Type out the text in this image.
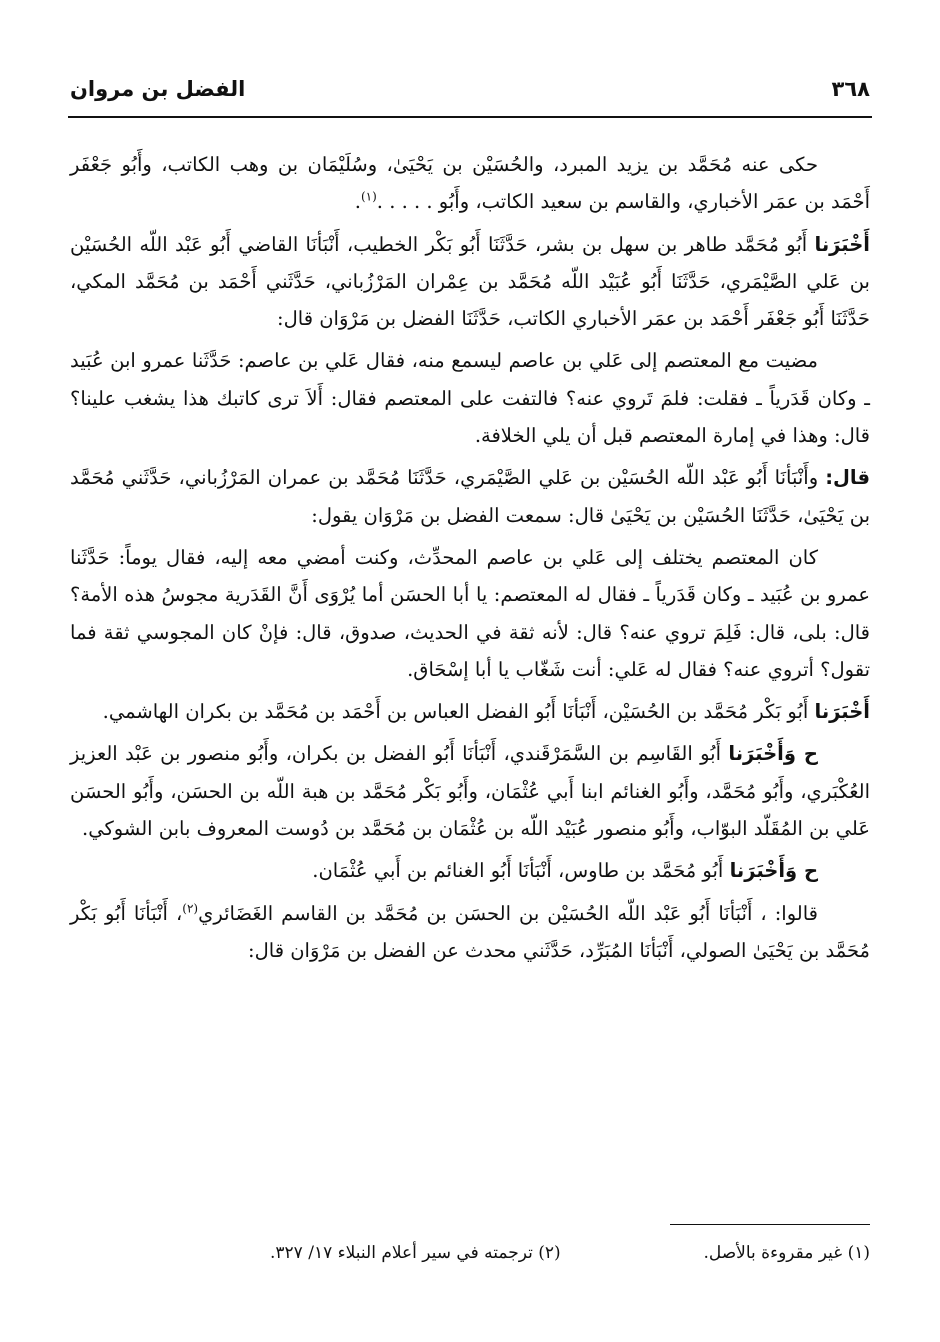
٣٦٨
الفضل بن مروان

حكى عنه مُحَمَّد بن يزيد المبرد، والحُسَيْن بن يَحْيَىٰ، وسُلَيْمَان بن وهب الكاتب، وأَبُو جَعْفَر أَحْمَد بن عمَر الأخباري، والقاسم بن سعيد الكاتب، وأَبُو . . . . .$^{(١)}$.

أَخْبَرَنا أَبُو مُحَمَّد طاهر بن سهل بن بشر، حَدَّثَنَا أَبُو بَكْر الخطيب، أَنْبَأنَا القاضي أَبُو عَبْد اللّه الحُسَيْن بن عَلي الصَّيْمَري، حَدَّثَنَا أَبُو عُبَيْد اللّه مُحَمَّد بن عِمْران المَرْزُباني، حَدَّثَني أَحْمَد بن مُحَمَّد المكي، حَدَّثَنَا أَبُو جَعْفَر أَحْمَد بن عمَر الأخباري الكاتب، حَدَّثَنَا الفضل بن مَرْوَان قال:

مضيت مع المعتصم إلى عَلي بن عاصم ليسمع منه، فقال عَلي بن عاصم: حَدَّثَنا عمرو ابن عُبَيد ـ وكان قَدَرياً ـ فقلت: فلمَ تَروي عنه؟ فالتفت على المعتصم فقال: أَلاَ ترى كاتبك هذا يشغب علينا؟ قال: وهذا في إمارة المعتصم قبل أن يلي الخلافة.

قال: وأَنْبَأنَا أَبُو عَبْد اللّه الحُسَيْن بن عَلي الصَّيْمَري، حَدَّثَنَا مُحَمَّد بن عمران المَرْزُباني، حَدَّثَني مُحَمَّد بن يَحْيَىٰ، حَدَّثَنَا الحُسَيْن بن يَحْيَىٰ قال: سمعت الفضل بن مَرْوَان يقول:

كان المعتصم يختلف إلى عَلي بن عاصم المحدِّث، وكنت أمضي معه إليه، فقال يوماً: حَدَّثَنا عمرو بن عُبَيد ـ وكان قَدَرياً ـ فقال له المعتصم: يا أبا الحسَن أما يُرْوَى أَنَّ القَدَرية مجوسُ هذه الأمة؟ قال: بلى، قال: فَلِمَ تروي عنه؟ قال: لأنه ثقة في الحديث، صدوق، قال: فإنْ كان المجوسي ثقة فما تقول؟ أتروي عنه؟ فقال له عَلي: أنت شَغّاب يا أبا إسْحَاق.

أَخْبَرَنا أَبُو بَكْر مُحَمَّد بن الحُسَيْن، أَنْبَأنَا أَبُو الفضل العباس بن أَحْمَد بن مُحَمَّد بن بكران الهاشمي.

ح وَأَخْبَرَنا أَبُو القَاسِم بن السَّمَرْقَندي، أَنْبَأنَا أَبُو الفضل بن بكران، وأَبُو منصور بن عَبْد العزيز العُكْبَري، وأَبُو مُحَمَّد، وأَبُو الغنائم ابنا أَبي عُثْمَان، وأَبُو بَكْر مُحَمَّد بن هبة اللّه بن الحسَن، وأَبُو الحسَن عَلي بن المُقَلّد البوّاب، وأَبُو منصور عُبَيْد اللّه بن عُثْمَان بن مُحَمَّد بن دُوست المعروف بابن الشوكي.

ح وَأَخْبَرَنا أَبُو مُحَمَّد بن طاوس، أَنْبَأنَا أَبُو الغنائم بن أَبي عُثْمَان.

قالوا: ، أَنْبَأنَا أَبُو عَبْد اللّه الحُسَيْن بن الحسَن بن مُحَمَّد بن القاسم الغَضَائري$^{(٢)}$، أَنْبَأنَا أَبُو بَكْر مُحَمَّد بن يَحْيَىٰ الصولي، أَنْبَأنَا المُبَرِّد، حَدَّثَني محدث عن الفضل بن مَرْوَان قال:

(١) غير مقروءة بالأصل.
(٢) ترجمته في سير أعلام النبلاء ١٧/ ٣٢٧.
